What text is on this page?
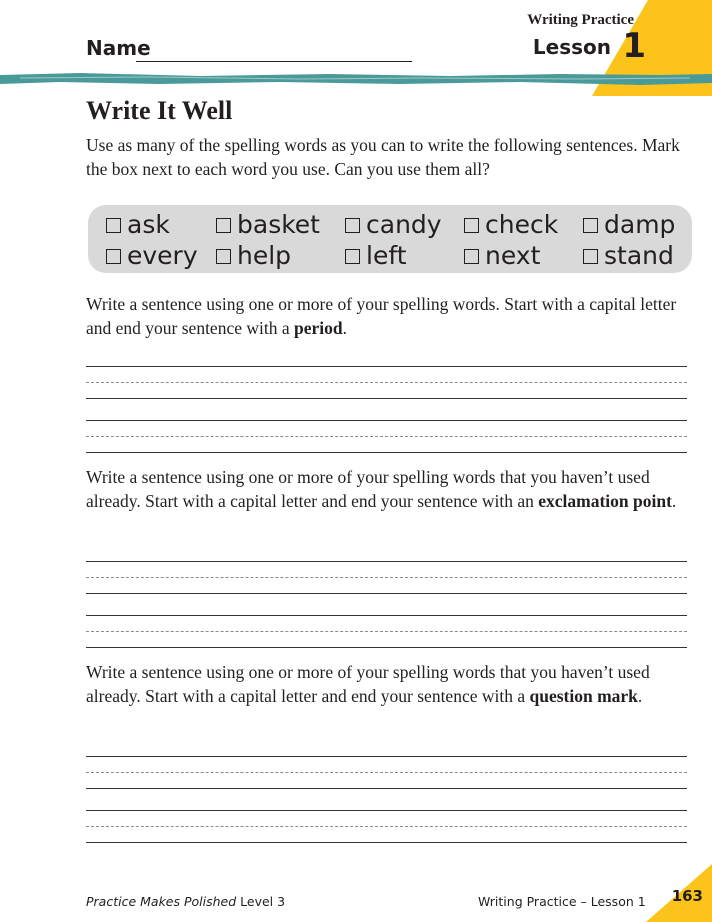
Writing Practice
Lesson 1
Name
Write It Well
Use as many of the spelling words as you can to write the following sentences. Mark the box next to each word you use. Can you use them all?
ask	basket candy check damp
every help	left	next	stand
Write a sentence using one or more of your spelling words. Start with a capital letter and end your sentence with a period.
Write a sentence using one or more of your spelling words that you haven’t used already. Start with a capital letter and end your sentence with an exclamation point.
Write a sentence using one or more of your spelling words that you haven’t used already. Start with a capital letter and end your sentence with a question mark.
Practice Makes Polished Level 3	Writing Practice – Lesson 1 163
